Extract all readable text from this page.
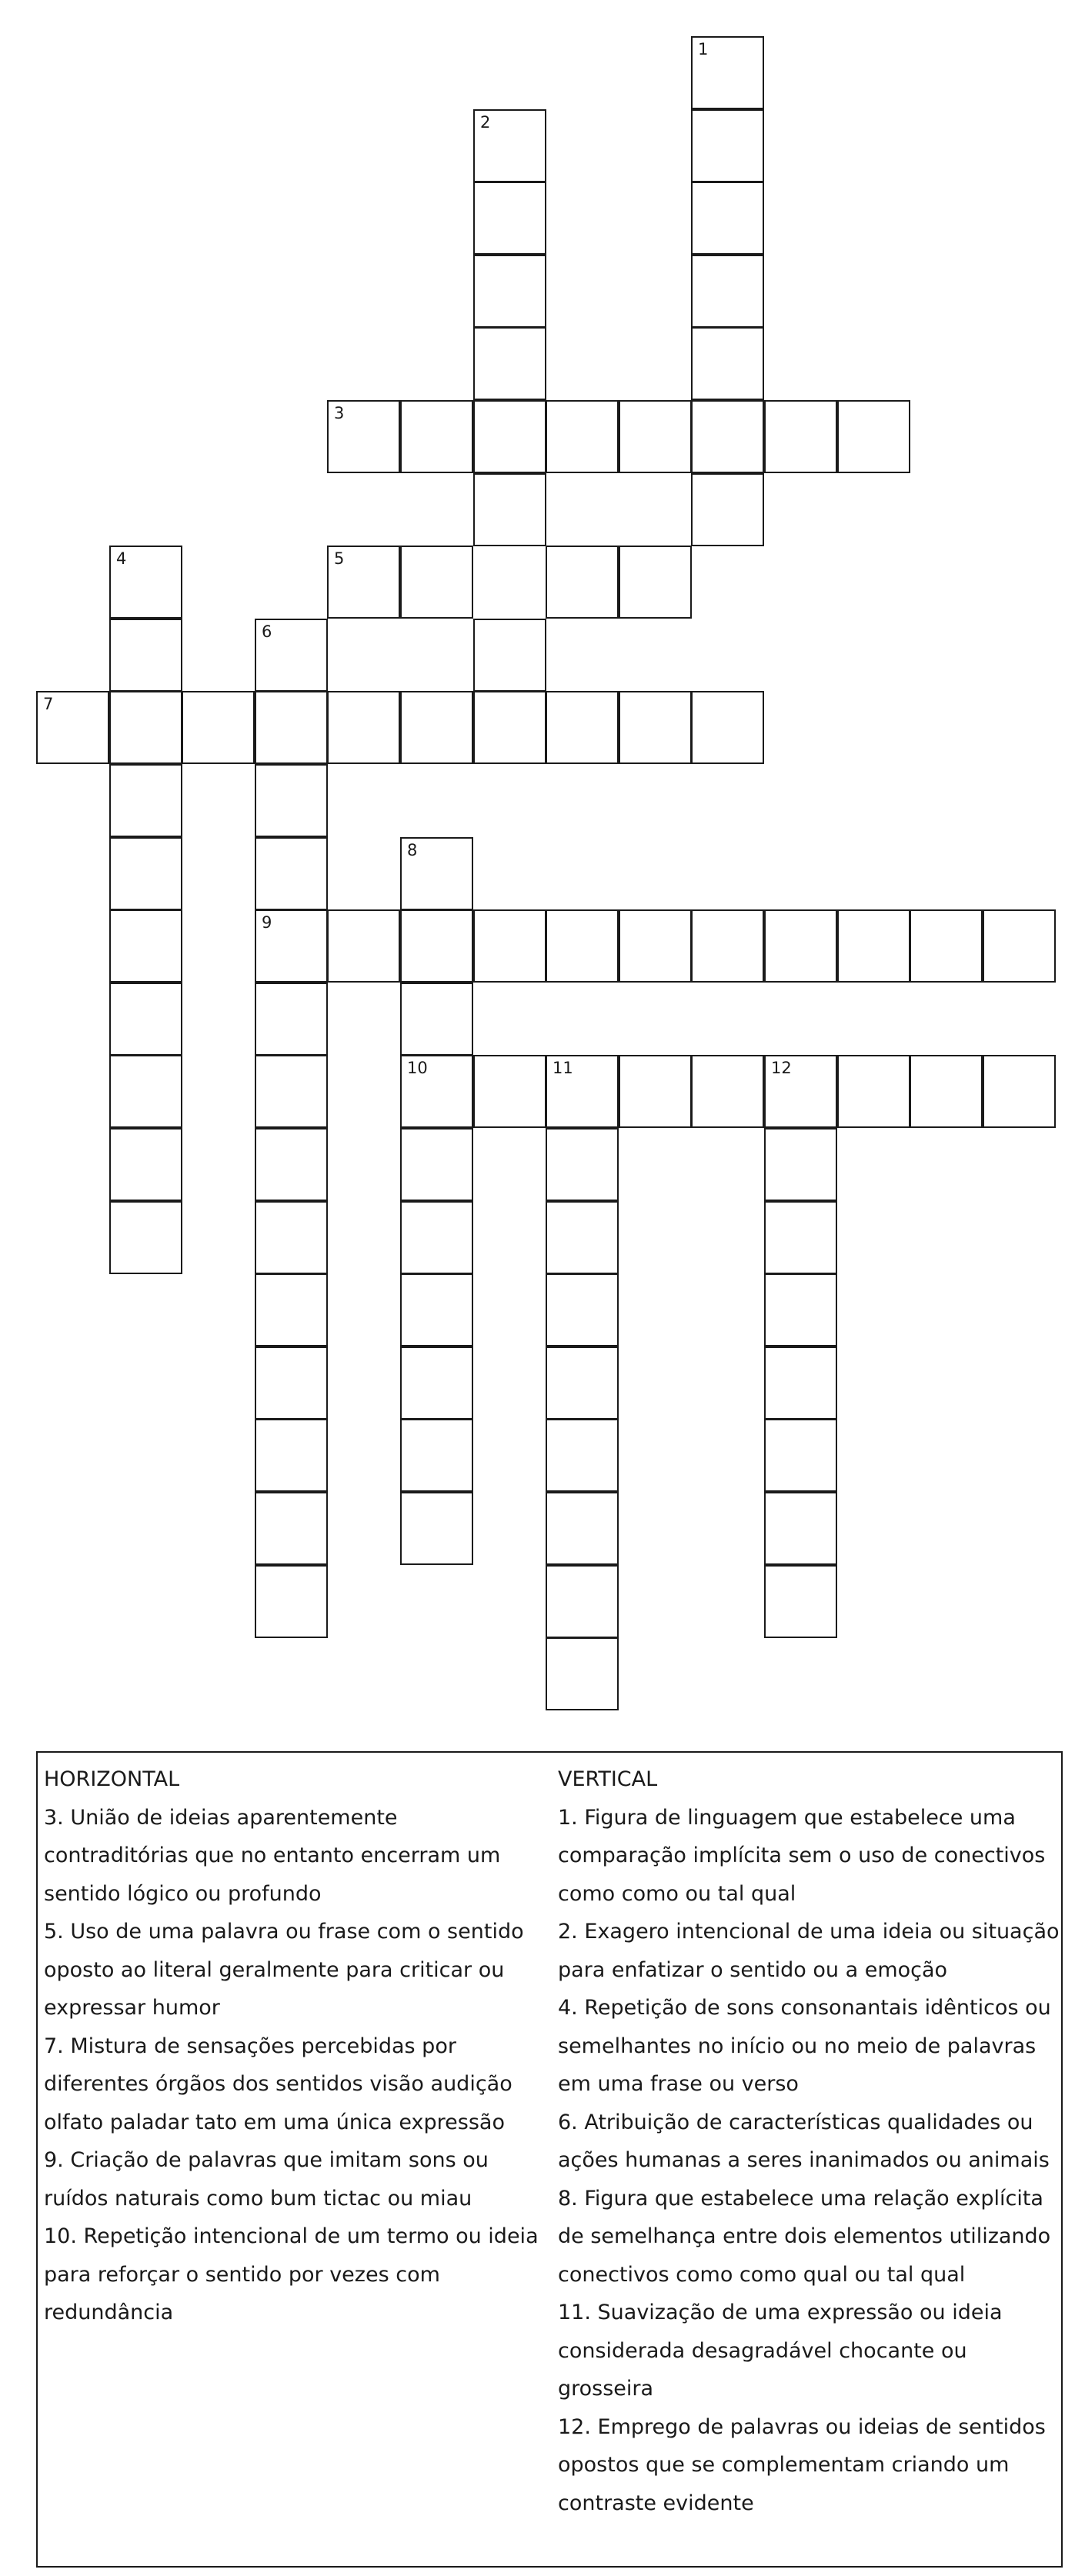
1
2
3
5
4
6
7
8
9
10	11	12
HORIZONTAL
3. União de ideias aparentemente contraditórias que no entanto encerram um sentido lógico ou profundo
5. Uso de uma palavra ou frase com o sentido oposto ao literal geralmente para criticar ou expressar humor
7. Mistura de sensações percebidas por diferentes órgãos dos sentidos visão audição olfato paladar tato em uma única expressão
9. Criação de palavras que imitam sons ou ruídos naturais como bum tictac ou miau
10. Repetição intencional de um termo ou ideia para reforçar o sentido por vezes com redundância
VERTICAL
1. Figura de linguagem que estabelece uma comparação implícita sem o uso de conectivos como como ou tal qual
2. Exagero intencional de uma ideia ou situação para enfatizar o sentido ou a emoção
4. Repetição de sons consonantais idênticos ou semelhantes no início ou no meio de palavras em uma frase ou verso
6. Atribuição de características qualidades ou ações humanas a seres inanimados ou animais
8. Figura que estabelece uma relação explícita de semelhança entre dois elementos utilizando conectivos como como qual ou tal qual
11. Suavização de uma expressão ou ideia considerada desagradável chocante ou grosseira
12. Emprego de palavras ou ideias de sentidos opostos que se complementam criando um contraste evidente
